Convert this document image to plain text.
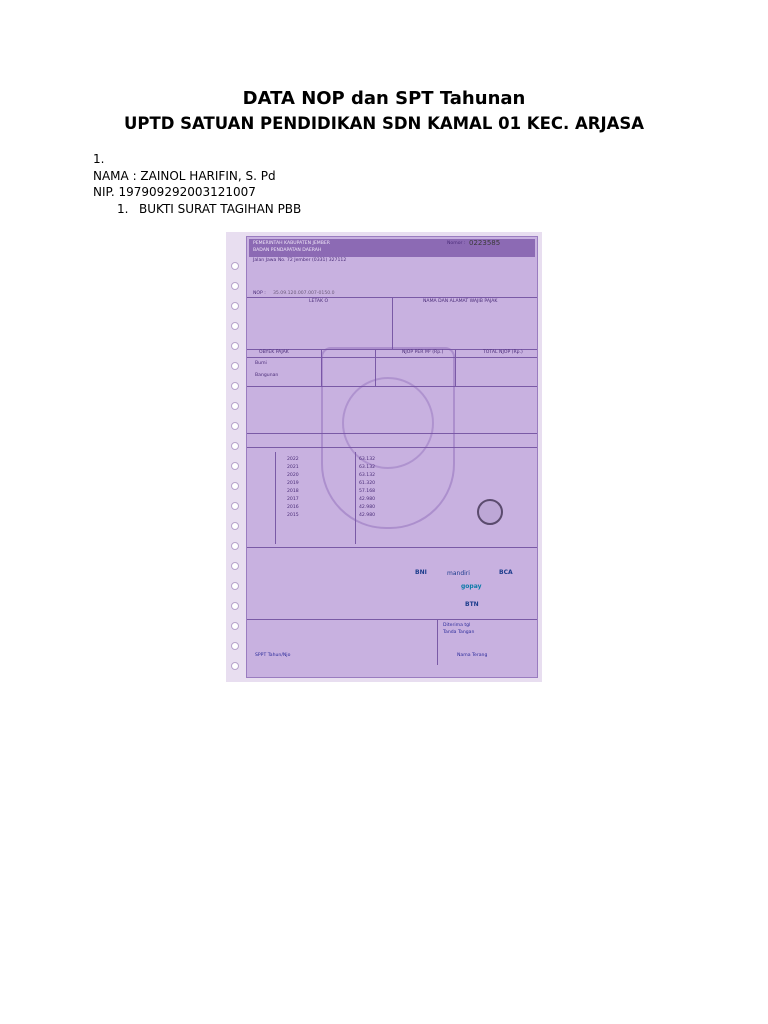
DATA NOP dan SPT Tahunan
UPTD SATUAN PENDIDIKAN SDN KAMAL 01 KEC. ARJASA
1.
NAMA : ZAINOL HARIFIN, S. Pd
NIP. 197909292003121007
1. BUKTI SURAT TAGIHAN PBB
PEMERINTAH KABUPATEN JEMBER
BADAN PENDAPATAN DAERAH
Jalan Jawa No. 72 Jember (0331) 327112
Nomor : 0223585
NOP : 35.09.120.007.007-0150.0
LETAK O	NAMA DAN ALAMAT WAJIB PAJAK
OBYEK PAJAK	NJOP PER M² (Rp.)	TOTAL NJOP (Rp.)
Bumi
Bangunan
2022	63.132
2021	63.132
2020	63.132
2019	61.320
2018	57.168
2017	42.980
2016	42.980
2015	42.980
BNI	mandiri	BCA
gopay
BTN
Diterima tgl
Tanda Tangan
Nama Terang
SPPT Tahun/Njo
